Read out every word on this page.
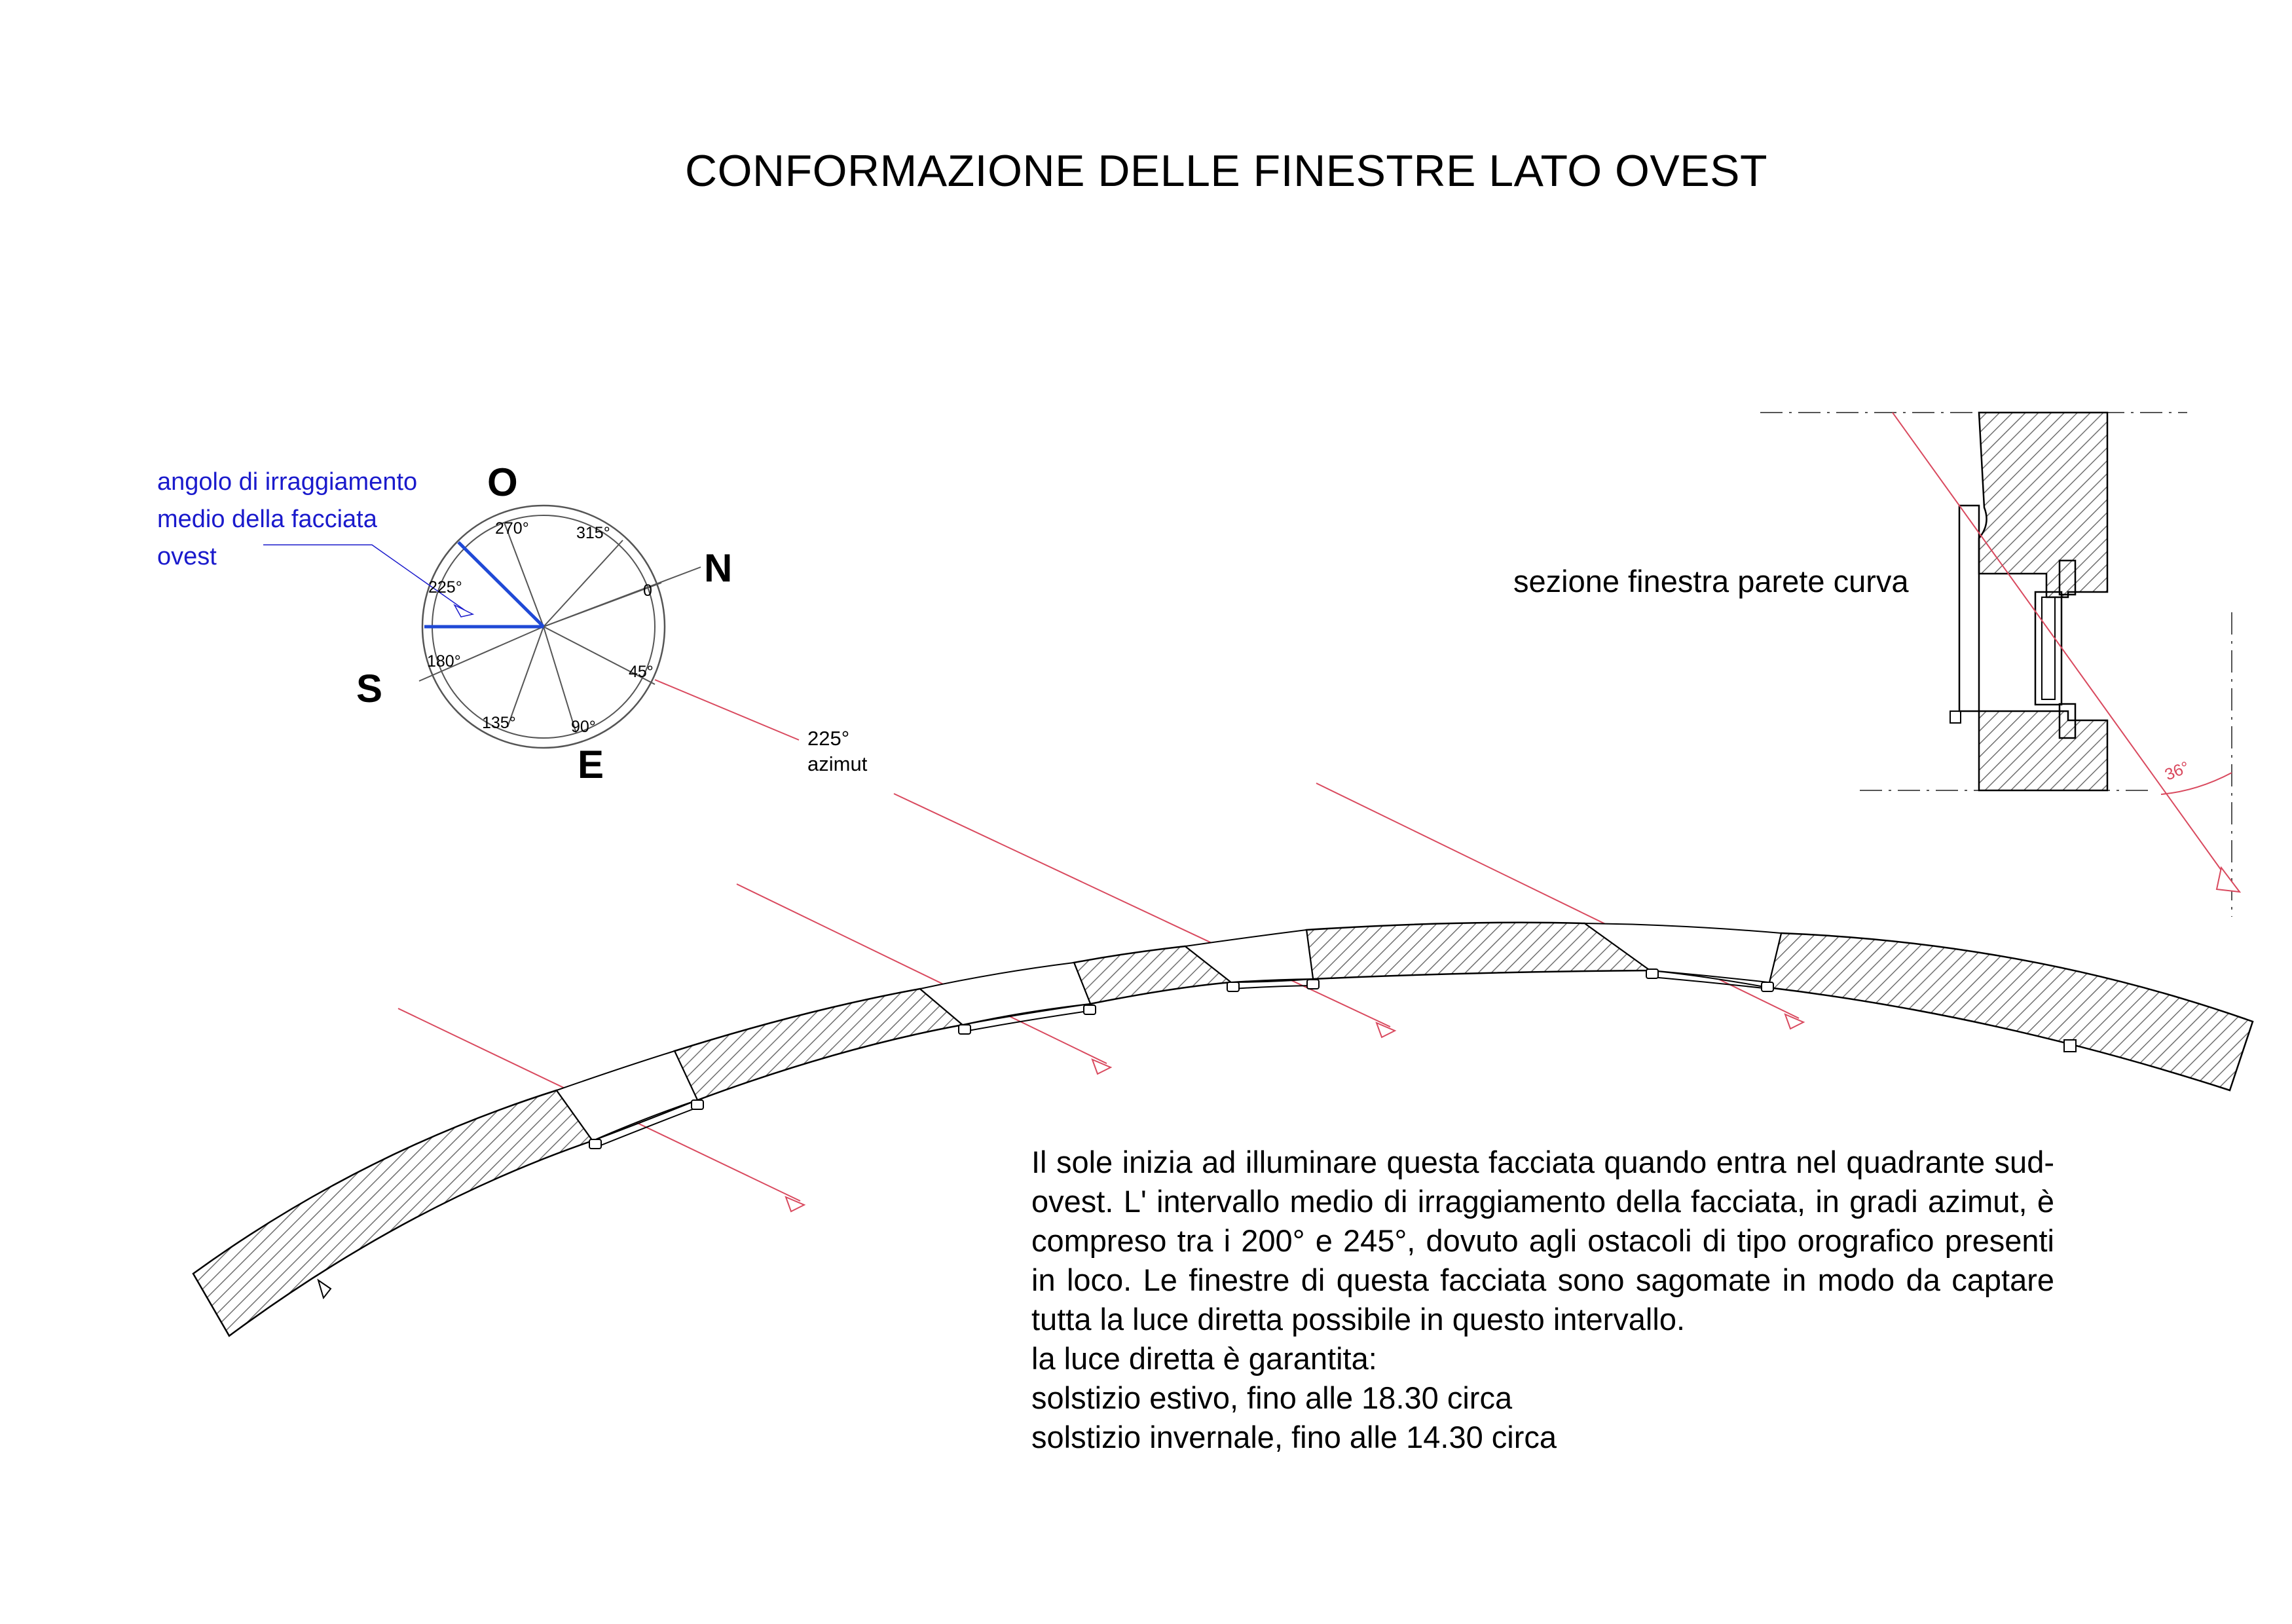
O
N
S
E
270°	315°
225°	0
180°
45°
135°	90°	225°
azimut	36°
CONFORMAZIONE DELLE FINESTRE LATO OVEST
angolo di irraggiamento
medio della facciata
ovest
sezione finestra parete curva
Il sole inizia ad illuminare questa facciata quando entra nel quadrante sud-ovest. L' intervallo medio di irraggiamento della facciata, in gradi azimut, è compreso tra i 200° e 245°, dovuto agli ostacoli di tipo orografico presenti in loco. Le finestre di questa facciata sono sagomate in modo da captare tutta la luce diretta possibile in questo intervallo.
la luce diretta è garantita:
solstizio estivo, fino alle 18.30 circa
solstizio invernale, fino alle 14.30 circa
